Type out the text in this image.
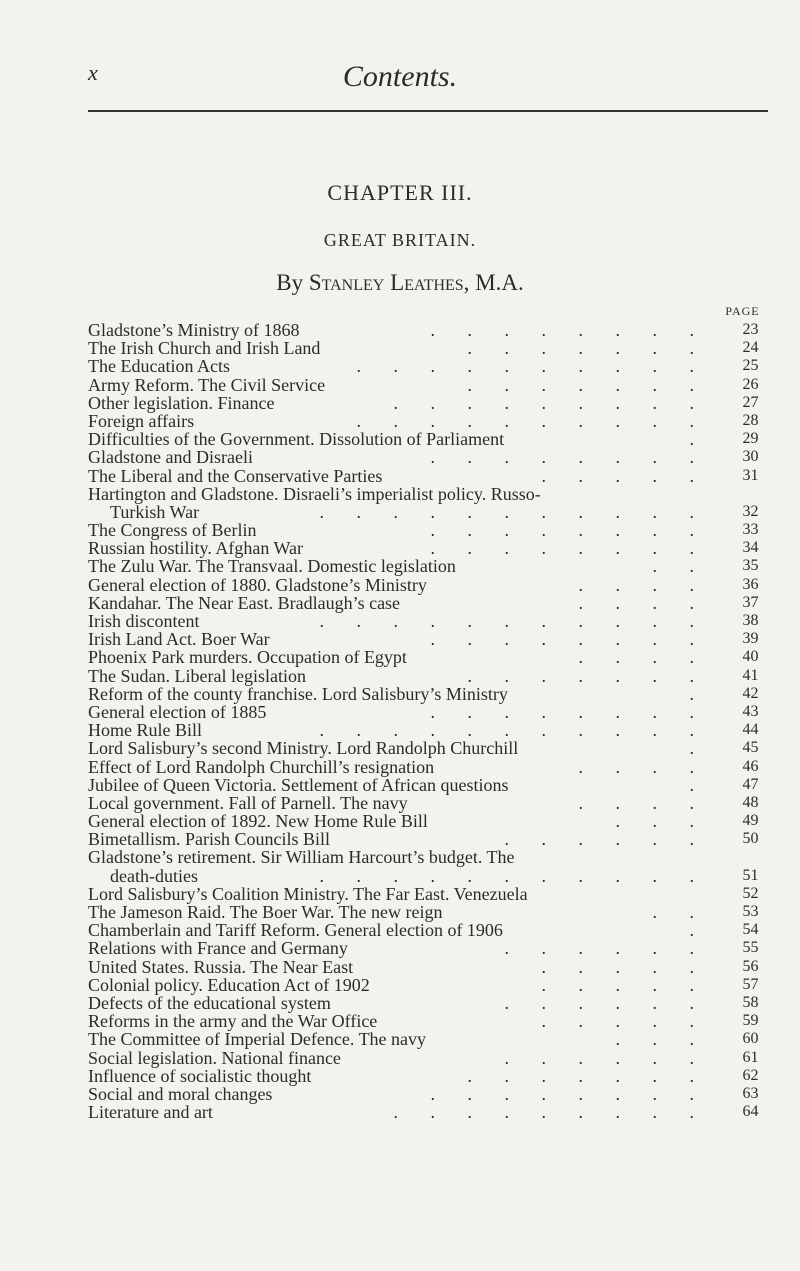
x	Contents.
CHAPTER III.
GREAT BRITAIN.
By Stanley Leathes, M.A.
PAGE
Gladstone’s Ministry of 1868	. . . . . . . .	23
The Irish Church and Irish Land	. . . . . . .	24
The Education Acts	. . . . . . . . . .	25
Army Reform. The Civil Service	. . . . . . .	26
Other legislation. Finance	. . . . . . . . .	27
Foreign affairs	. . . . . . . . . .	28
Difficulties of the Government. Dissolution of Parliament	.	29
Gladstone and Disraeli	. . . . . . . .	30
The Liberal and the Conservative Parties	. . . . .	31
Hartington and Gladstone. Disraeli’s imperialist policy. Russo-
Turkish War	. . . . . . . . . . .	32
The Congress of Berlin	. . . . . . . .	33
Russian hostility. Afghan War	. . . . . . . .	34
The Zulu War. The Transvaal. Domestic legislation	. .	35
General election of 1880. Gladstone’s Ministry	. . . .	36
Kandahar. The Near East. Bradlaugh’s case	. . . .	37
Irish discontent	. . . . . . . . . . .	38
Irish Land Act. Boer War	. . . . . . . .	39
Phoenix Park murders. Occupation of Egypt	. . . .	40
The Sudan. Liberal legislation	. . . . . . .	41
Reform of the county franchise. Lord Salisbury’s Ministry	.	42
General election of 1885	. . . . . . . .	43
Home Rule Bill	. . . . . . . . . . .	44
Lord Salisbury’s second Ministry. Lord Randolph Churchill	.	45
Effect of Lord Randolph Churchill’s resignation	. . . .	46
Jubilee of Queen Victoria. Settlement of African questions	.	47
Local government. Fall of Parnell. The navy	. . . .	48
General election of 1892. New Home Rule Bill	. . .	49
Bimetallism. Parish Councils Bill	. . . . . .	50
Gladstone’s retirement. Sir William Harcourt’s budget. The
death-duties	. . . . . . . . . . .	51
Lord Salisbury’s Coalition Ministry. The Far East. Venezuela	52
The Jameson Raid. The Boer War. The new reign	. .	53
Chamberlain and Tariff Reform. General election of 1906	.	54
Relations with France and Germany	. . . . . .	55
United States. Russia. The Near East	. . . . .	56
Colonial policy. Education Act of 1902	. . . . .	57
Defects of the educational system	. . . . . .	58
Reforms in the army and the War Office	. . . . .	59
The Committee of Imperial Defence. The navy	. . .	60
Social legislation. National finance	. . . . . .	61
Influence of socialistic thought	. . . . . . .	62
Social and moral changes	. . . . . . . .	63
Literature and art	. . . . . . . . .	64
